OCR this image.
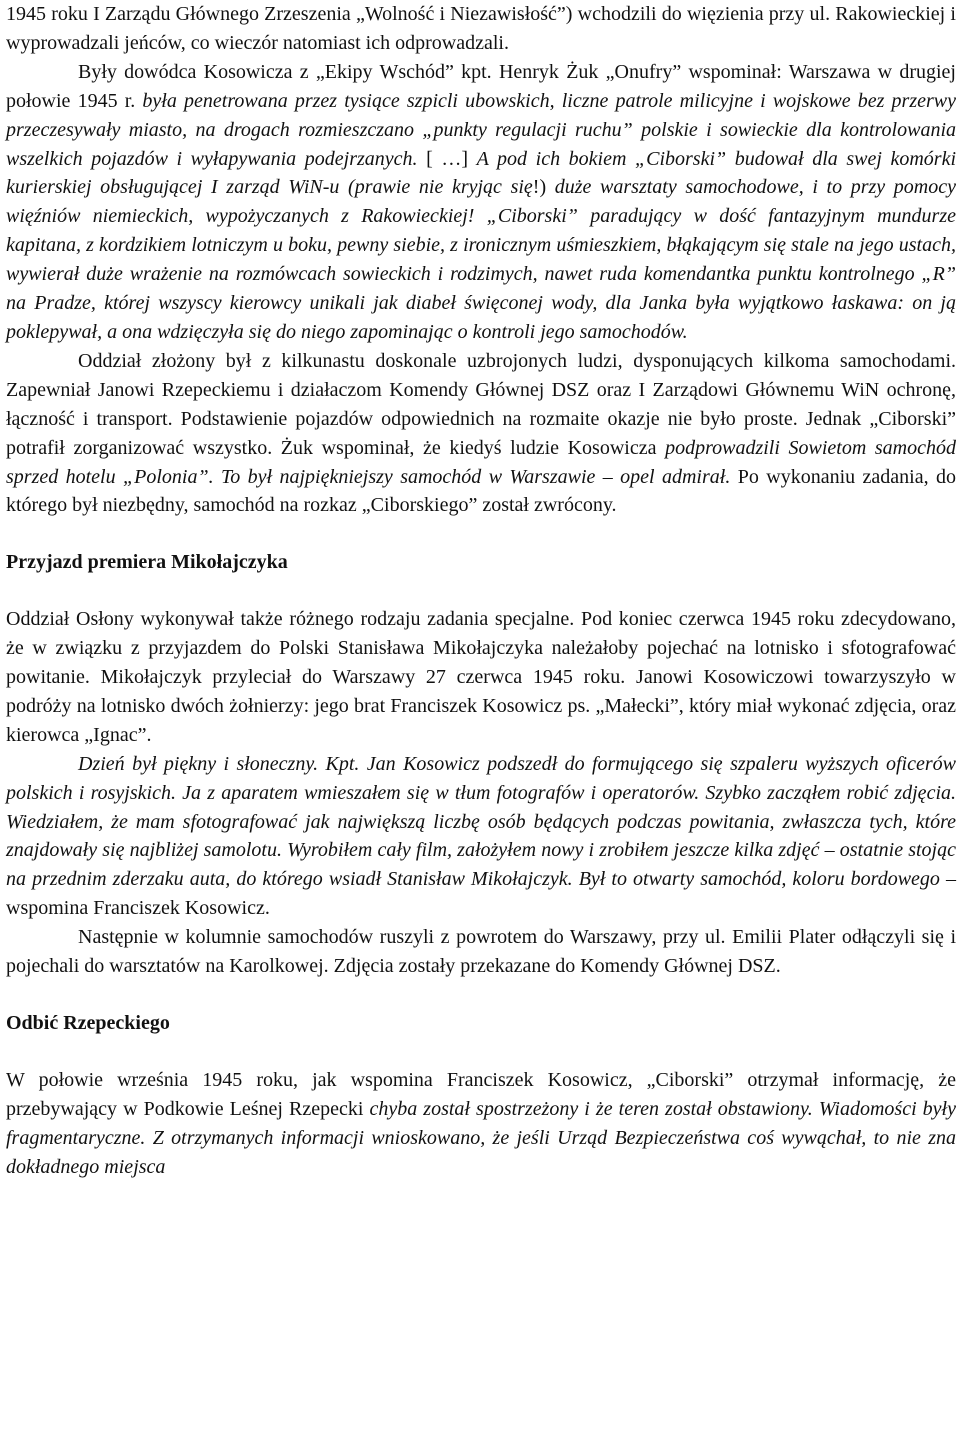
1945 roku I Zarządu Głównego Zrzeszenia „Wolność i Niezawisłość”) wchodzili do więzienia przy ul. Rakowieckiej i wyprowadzali jeńców, co wieczór natomiast ich odprowadzali.

Były dowódca Kosowicza z „Ekipy Wschód” kpt. Henryk Żuk „Onufry” wspominał: Warszawa w drugiej połowie 1945 r. była penetrowana przez tysiące szpicli ubowskich, liczne patrole milicyjne i wojskowe bez przerwy przeczesywały miasto, na drogach rozmieszczano „punkty regulacji ruchu” polskie i sowieckie dla kontrolowania wszelkich pojazdów i wyłapywania podejrzanych. [ …] A pod ich bokiem „Ciborski” budował dla swej komórki kurierskiej obsługującej I zarząd WiN-u (prawie nie kryjąc się!) duże warsztaty samochodowe, i to przy pomocy więźniów niemieckich, wypożyczanych z Rakowieckiej! „Ciborski” paradujący w dość fantazyjnym mundurze kapitana, z kordzikiem lotniczym u boku, pewny siebie, z ironicznym uśmieszkiem, błąkającym się stale na jego ustach, wywierał duże wrażenie na rozmówcach sowieckich i rodzimych, nawet ruda komendantka punktu kontrolnego „R” na Pradze, której wszyscy kierowcy unikali jak diabeł święconej wody, dla Janka była wyjątkowo łaskawa: on ją poklepywał, a ona wdzięczyła się do niego zapominając o kontroli jego samochodów.

Oddział złożony był z kilkunastu doskonale uzbrojonych ludzi, dysponujących kilkoma samochodami. Zapewniał Janowi Rzepeckiemu i działaczom Komendy Głównej DSZ oraz I Zarządowi Głównemu WiN ochronę, łączność i transport. Podstawienie pojazdów odpowiednich na rozmaite okazje nie było proste. Jednak „Ciborski” potrafił zorganizować wszystko. Żuk wspominał, że kiedyś ludzie Kosowicza podprowadzili Sowietom samochód sprzed hotelu „Polonia”. To był najpiękniejszy samochód w Warszawie – opel admirał. Po wykonaniu zadania, do którego był niezbędny, samochód na rozkaz „Ciborskiego” został zwrócony.

Przyjazd premiera Mikołajczyka

Oddział Osłony wykonywał także różnego rodzaju zadania specjalne. Pod koniec czerwca 1945 roku zdecydowano, że w związku z przyjazdem do Polski Stanisława Mikołajczyka należałoby pojechać na lotnisko i sfotografować powitanie. Mikołajczyk przyleciał do Warszawy 27 czerwca 1945 roku. Janowi Kosowiczowi towarzyszyło w podróży na lotnisko dwóch żołnierzy: jego brat Franciszek Kosowicz ps. „Małecki”, który miał wykonać zdjęcia, oraz kierowca „Ignac”.

Dzień był piękny i słoneczny. Kpt. Jan Kosowicz podszedł do formującego się szpaleru wyższych oficerów polskich i rosyjskich. Ja z aparatem wmieszałem się w tłum fotografów i operatorów. Szybko zacząłem robić zdjęcia. Wiedziałem, że mam sfotografować jak największą liczbę osób będących podczas powitania, zwłaszcza tych, które znajdowały się najbliżej samolotu. Wyrobiłem cały film, założyłem nowy i zrobiłem jeszcze kilka zdjęć – ostatnie stojąc na przednim zderzaku auta, do którego wsiadł Stanisław Mikołajczyk. Był to otwarty samochód, koloru bordowego – wspomina Franciszek Kosowicz.

Następnie w kolumnie samochodów ruszyli z powrotem do Warszawy, przy ul. Emilii Plater odłączyli się i pojechali do warsztatów na Karolkowej. Zdjęcia zostały przekazane do Komendy Głównej DSZ.

Odbić Rzepeckiego

W połowie września 1945 roku, jak wspomina Franciszek Kosowicz, „Ciborski” otrzymał informację, że przebywający w Podkowie Leśnej Rzepecki chyba został spostrzeżony i że teren został obstawiony. Wiadomości były fragmentaryczne. Z otrzymanych informacji wnioskowano, że jeśli Urząd Bezpieczeństwa coś wywąchał, to nie zna dokładnego miejsca
